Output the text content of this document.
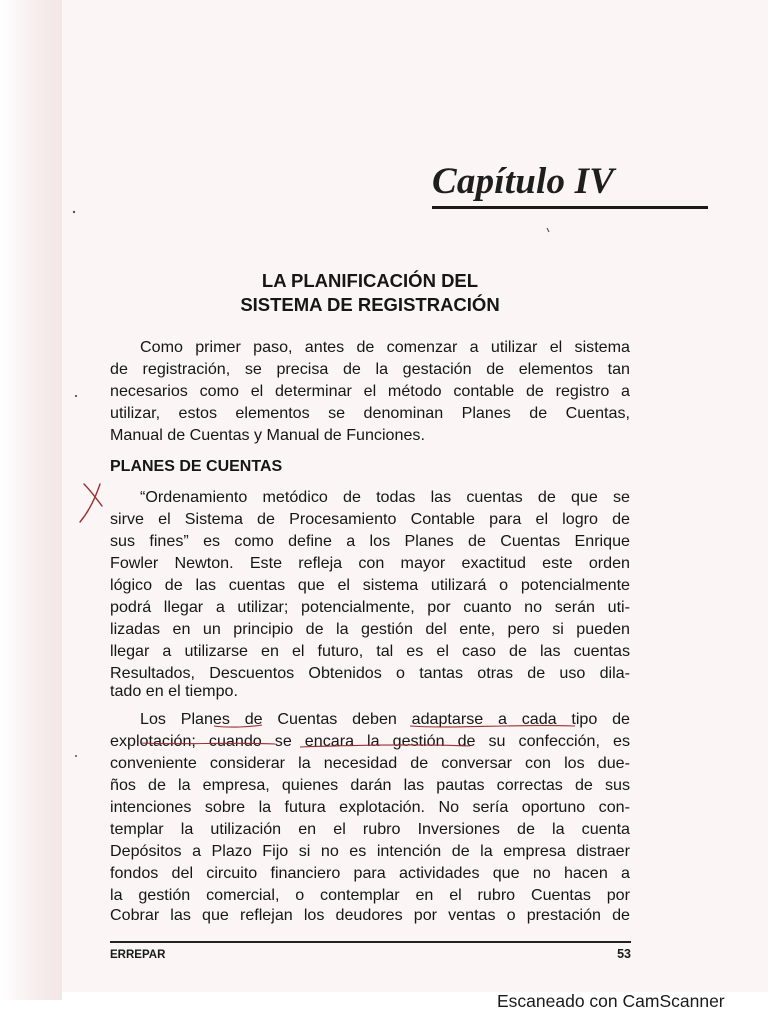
Capítulo IV
LA PLANIFICACIÓN DEL
SISTEMA DE REGISTRACIÓN
Como primer paso, antes de comenzar a utilizar el sistema
de registración, se precisa de la gestación de elementos tan
necesarios como el determinar el método contable de registro a
utilizar, estos elementos se denominan Planes de Cuentas,
Manual de Cuentas y Manual de Funciones.
PLANES DE CUENTAS
“Ordenamiento metódico de todas las cuentas de que se
sirve el Sistema de Procesamiento Contable para el logro de
sus fines” es como define a los Planes de Cuentas Enrique
Fowler Newton. Este refleja con mayor exactitud este orden
lógico de las cuentas que el sistema utilizará o potencialmente
podrá llegar a utilizar; potencialmente, por cuanto no serán uti-
lizadas en un principio de la gestión del ente, pero si pueden
llegar a utilizarse en el futuro, tal es el caso de las cuentas
Resultados, Descuentos Obtenidos o tantas otras de uso dila-
tado en el tiempo.
Los Planes de Cuentas deben adaptarse a cada tipo de
explotación; cuando se encara la gestión de su confección, es
conveniente considerar la necesidad de conversar con los due-
ños de la empresa, quienes darán las pautas correctas de sus
intenciones sobre la futura explotación. No sería oportuno con-
templar la utilización en el rubro Inversiones de la cuenta
Depósitos a Plazo Fijo si no es intención de la empresa distraer
fondos del circuito financiero para actividades que no hacen a
la gestión comercial, o contemplar en el rubro Cuentas por
Cobrar las que reflejan los deudores por ventas o prestación de
ERREPAR	53
Escaneado con CamScanner
